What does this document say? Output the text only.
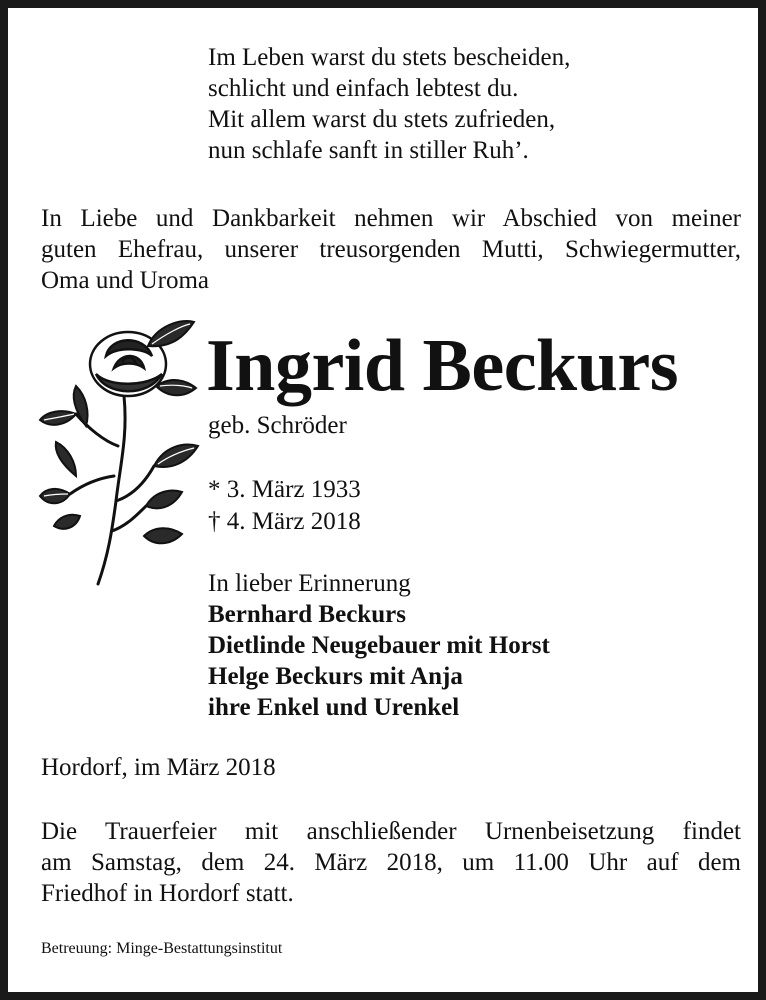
Im Leben warst du stets bescheiden,
schlicht und einfach lebtest du.
Mit allem warst du stets zufrieden,
nun schlafe sanft in stiller Ruh’.
In Liebe und Dankbarkeit nehmen wir Abschied von meiner
guten Ehefrau, unserer treusorgenden Mutti, Schwiegermutter,
Oma und Uroma
Ingrid Beckurs
geb. Schröder
* 3. März 1933
† 4. März 2018
In lieber Erinnerung
Bernhard Beckurs
Dietlinde Neugebauer mit Horst
Helge Beckurs mit Anja
ihre Enkel und Urenkel
Hordorf, im März 2018
Die Trauerfeier mit anschließender Urnenbeisetzung findet
am Samstag, dem 24. März 2018, um 11.00 Uhr auf dem
Friedhof in Hordorf statt.
Betreuung: Minge-Bestattungsinstitut
